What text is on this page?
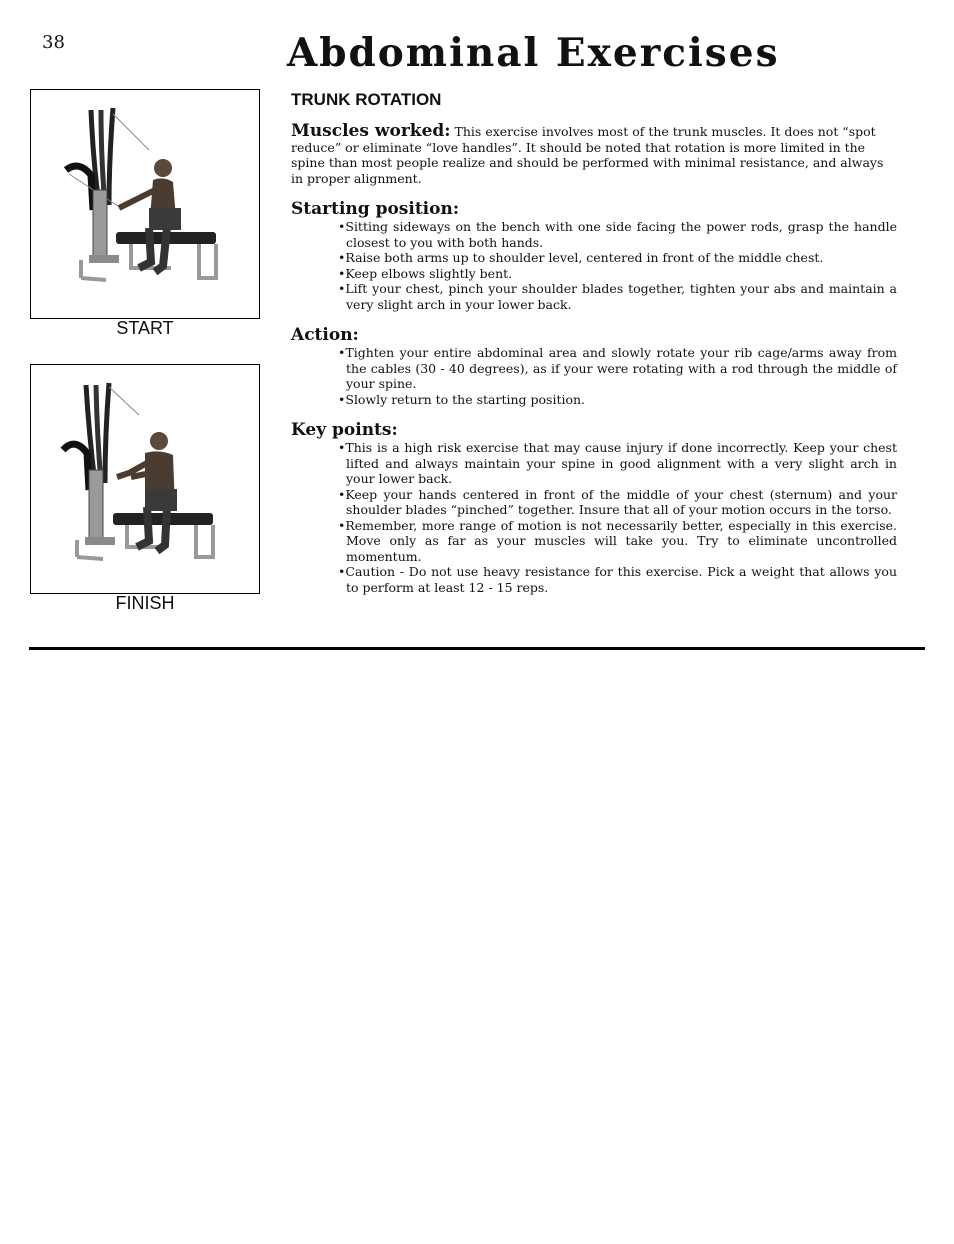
38	Abdominal Exercises
START
FINISH
TRUNK ROTATION

Muscles worked: This exercise involves most of the trunk muscles. It does not “spot reduce” or eliminate “love handles”. It should be noted that rotation is more limited in the spine than most people realize and should be performed with minimal resistance, and always in proper alignment.

Starting position:
• Sitting sideways on the bench with one side facing the power rods, grasp the handle closest to you with both hands.
• Raise both arms up to shoulder level, centered in front of the middle chest.
• Keep elbows slightly bent.
• Lift your chest, pinch your shoulder blades together, tighten your abs and maintain a very slight arch in your lower back.
Action:
• Tighten your entire abdominal area and slowly rotate your rib cage/arms away from the cables (30 - 40 degrees), as if your were rotating with a rod through the middle of your spine.
• Slowly return to the starting position.
Key points:
• This is a high risk exercise that may cause injury if done incorrectly. Keep your chest lifted and always maintain your spine in good alignment with a very slight arch in your lower back.
• Keep your hands centered in front of the middle of your chest (sternum) and your shoulder blades “pinched” together. Insure that all of your motion occurs in the torso.
• Remember, more range of motion is not necessarily better, especially in this exercise. Move only as far as your muscles will take you. Try to eliminate uncontrolled momentum.
• Caution - Do not use heavy resistance for this exercise. Pick a weight that allows you to perform at least 12 - 15 reps.
